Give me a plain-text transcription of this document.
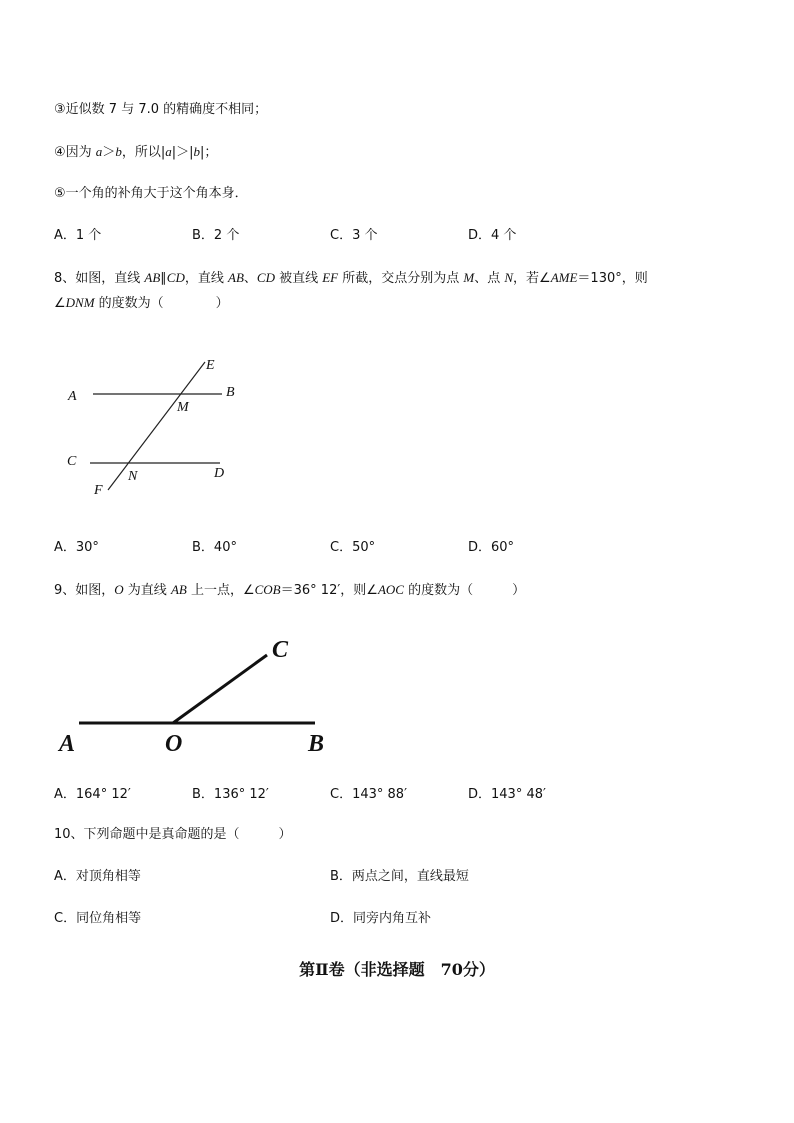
③近似数 7 与 7.0 的精确度不相同；
④因为 a＞b，所以|a|＞|b|；
⑤一个角的补角大于这个角本身．
A．1 个	B．2 个	C．3 个	D．4 个
8、如图，直线 AB∥CD，直线 AB、CD 被直线 EF 所截，交点分别为点 M、点 N，若∠AME＝130°，则
∠DNM 的度数为（　　　　）
A	B
C
D
E
F
M
N
A．30°	B．40°	C．50°	D．60°
9、如图，O 为直线 AB 上一点，∠COB＝36° 12′，则∠AOC 的度数为（　　　）
A	O	B
C
A．164° 12′	B．136° 12′	C．143° 88′	D．143° 48′
10、下列命题中是真命题的是（　　　）
A．对顶角相等	B．两点之间，直线最短
C．同位角相等	D．同旁内角互补
第Ⅱ卷（非选择题　70分）
